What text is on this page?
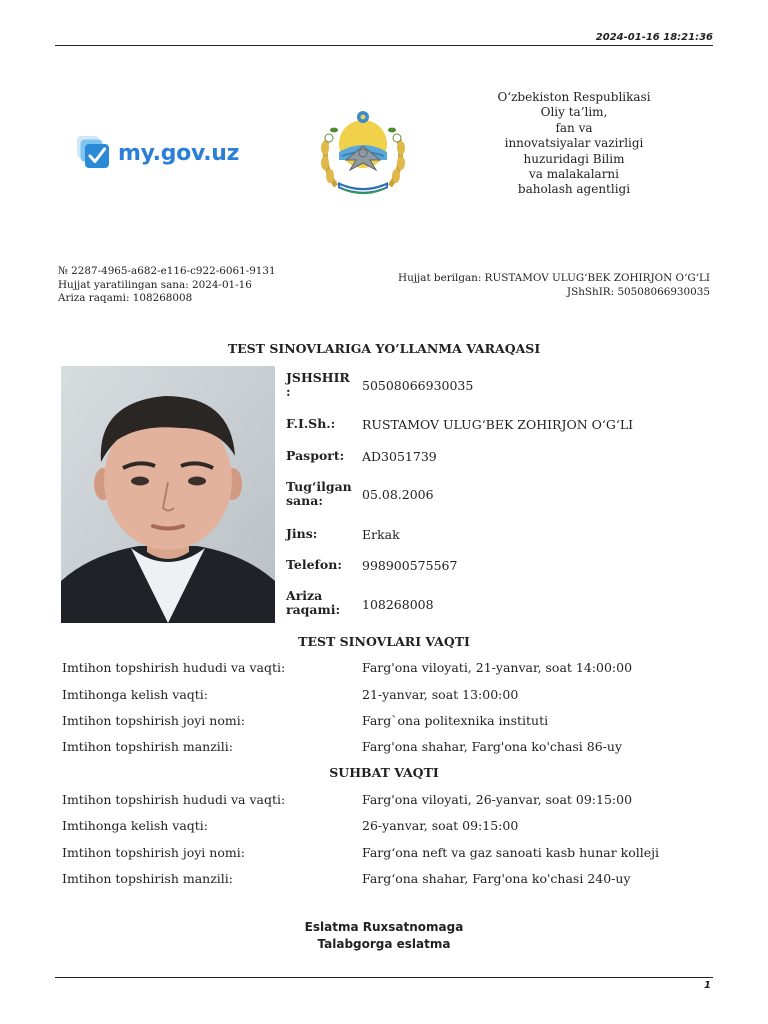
2024-01-16 18:21:36
my.gov.uz
O‘zbekiston Respublikasi
Oliy ta’lim,
fan va
innovatsiyalar vazirligi
huzuridagi Bilim
va malakalarni
baholash agentligi
№ 2287-4965-a682-e116-c922-6061-9131
Hujjat yaratilingan sana: 2024-01-16
Ariza raqami: 108268008
Hujjat berilgan: RUSTAMOV ULUG‘BEK ZOHIRJON O‘G‘LI
JShShIR: 50508066930035
TEST SINOVLARIGA YO’LLANMA VARAQASI
JSHSHIR :	50508066930035
F.I.Sh.:	RUSTAMOV ULUG‘BEK ZOHIRJON O‘G‘LI
Pasport:	AD3051739
Tug‘ilgan sana:	05.08.2006
Jins:	Erkak
Telefon:	998900575567
Ariza raqami:	108268008
TEST SINOVLARI VAQTI
Imtihon topshirish hududi va vaqti:	Farg'ona viloyati, 21-yanvar, soat 14:00:00
Imtihonga kelish vaqti:	21-yanvar, soat 13:00:00
Imtihon topshirish joyi nomi:	Farg`ona politexnika instituti
Imtihon topshirish manzili:	Farg'ona shahar, Farg'ona ko'chasi 86-uy
SUHBAT VAQTI
Imtihon topshirish hududi va vaqti:	Farg'ona viloyati, 26-yanvar, soat 09:15:00
Imtihonga kelish vaqti:	26-yanvar, soat 09:15:00
Imtihon topshirish joyi nomi:	Farg‘ona neft va gaz sanoati kasb hunar kolleji
Imtihon topshirish manzili:	Farg‘ona shahar, Farg'ona ko'chasi 240-uy
Eslatma Ruxsatnomaga
Talabgorga eslatma
1
